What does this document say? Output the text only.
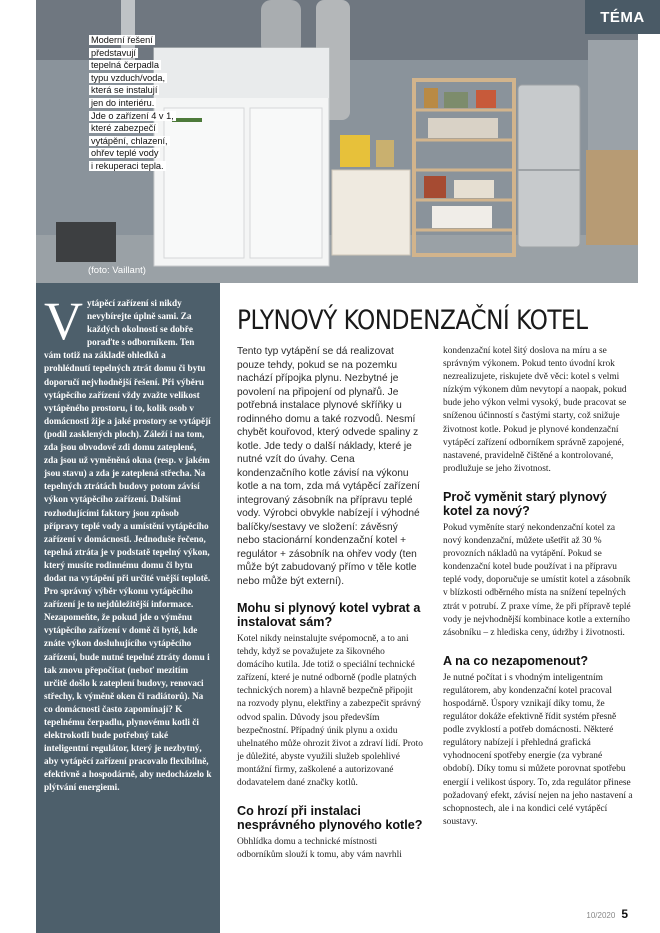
Moderní řešení
představují
tepelná čerpadla
typu vzduch/voda,
která se instalují
jen do interiéru.
Jde o zařízení 4 v 1,
které zabezpečí
vytápění, chlazení,
ohřev teplé vody
i rekuperaci tepla.

(foto: Vaillant)
TÉMA
V ytápěcí zařízení si nikdy nevybírejte úplně sami. Za každých okolností se dobře poraďte s odborníkem. Ten vám totiž na základě ohledků a prohlédnutí tepelných ztrát domu či bytu doporučí nejvhodnější řešení. Při výběru vytápěcího zařízení vždy zvažte velikost vytápěného prostoru, i to, kolik osob v domácnosti žije a jaké prostory se vytápějí (podíl zasklených ploch). Záleží i na tom, zda jsou obvodové zdi domu zateplené, zda jsou už vyměněná okna (resp. v jakém jsou stavu) a zda je zateplená střecha. Na tepelných ztrátách budovy potom závisí výkon vytápěcího zařízení. Dalšími rozhodujícími faktory jsou způsob přípravy teplé vody a umístění vytápěcího zařízení v domácnosti. Jednoduše řečeno, tepelná ztráta je v podstatě tepelný výkon, který musíte rodinnému domu či bytu dodat na vytápění při určité vnější teplotě. Pro správný výběr výkonu vytápěcího zařízení je to nejdůležitější informace. Nezapomeňte, že pokud jde o výměnu vytápěcího zařízení v domě či bytě, kde znáte výkon dosluhujícího vytápěcího zařízení, bude nutné tepelné ztráty domu i tak znovu přepočítat (neboť mezitím určitě došlo k zateplení budovy, renovaci střechy, k výměně oken či radiátorů). Na co domácnosti často zapomínají? K tepelnému čerpadlu, plynovému kotli či elektrokotli bude potřebný také inteligentní regulátor, který je nezbytný, aby vytápěcí zařízení pracovalo flexibilně, efektivně a hospodárně, aby nedocházelo k plýtvání energiemi.
PLYNOVÝ KONDENZAČNÍ KOTEL

Tento typ vytápění se dá realizovat pouze tehdy, pokud se na pozemku nachází přípojka plynu. Nezbytné je povolení na připojení od plynařů. Je potřebná instalace plynové skříňky u rodinného domu a také rozvodů. Nesmí chybět kouřovod, který odvede spaliny z kotle. Jde tedy o další náklady, které je nutné vzít do úvahy. Cena kondenzačního kotle závisí na výkonu kotle a na tom, zda má vytápěcí zařízení integrovaný zásobník na přípravu teplé vody. Výrobci obvykle nabízejí i výhodné balíčky/sestavy ve složení: závěsný nebo stacionární kondenzační kotel + regulátor + zásobník na ohřev vody (ten může být zabudovaný přímo v těle kotle nebo může být externí).

Mohu si plynový kotel vybrat a instalovat sám?

Kotel nikdy neinstalujte svépomocně, a to ani tehdy, když se považujete za šikovného domácího kutila. Jde totiž o speciální technické zařízení, které je nutné odborně (podle platných technických norem) a hlavně bezpečně připojit na rozvody plynu, elektřiny a zabezpečit správný odvod spalin. Důvody jsou především bezpečnostní. Případný únik plynu a oxidu uhelnatého může ohrozit život a zdraví lidí. Proto je důležité, abyste využili služeb spolehlivé montážní firmy, zaškolené a autorizované dodavatelem dané značky kotlů.

Co hrozí při instalaci nesprávného plynového kotle?

Obhlídka domu a technické místnosti odborníkům slouží k tomu, aby vám navrhli

kondenzační kotel šitý doslova na míru a se správným výkonem. Pokud tento úvodní krok nezrealizujete, riskujete dvě věci: kotel s velmi nízkým výkonem dům nevytopí a naopak, pokud bude jeho výkon velmi vysoký, bude pracovat se sníženou účinností s častými starty, což snižuje životnost kotle. Pokud je plynové kondenzační vytápěcí zařízení odborníkem správně zapojené, nastavené, pravidelně čištěné a kontrolované, prodlužuje se jeho životnost.

Proč vyměnit starý plynový kotel za nový?

Pokud vyměníte starý nekondenzační kotel za nový kondenzační, můžete ušetřit až 30 % provozních nákladů na vytápění. Pokud se kondenzační kotel bude používat i na přípravu teplé vody, doporučuje se umístit kotel a zásobník v blízkosti odběrného místa na snížení tepelných ztrát v potrubí. Z praxe víme, že při přípravě teplé vody je nejvhodnější kombinace kotle a externího zásobníku – z hlediska ceny, údržby i životnosti.

A na co nezapomenout?

Je nutné počítat i s vhodným inteligentním regulátorem, aby kondenzační kotel pracoval hospodárně. Úspory vznikají díky tomu, že regulátor dokáže efektivně řídit systém přesně podle zvyklostí a potřeb domácnosti. Některé regulátory nabízejí i přehledná grafická vyhodnocení spotřeby energie (za vybrané období). Díky tomu si můžete porovnat spotřebu energií i velikost úspory. To, zda regulátor přinese požadovaný efekt, závisí nejen na jeho nastavení a schopnostech, ale i na kondici celé vytápěcí soustavy.

10/2020 5
